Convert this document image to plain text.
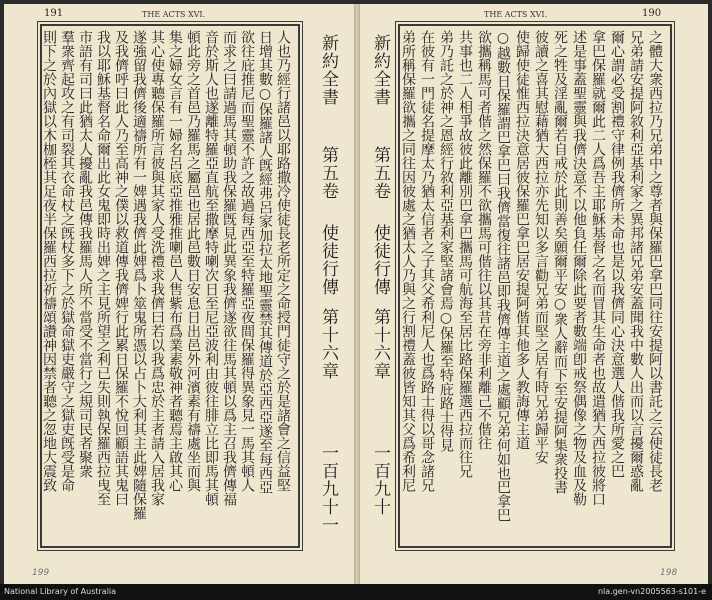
191	THE ACTS XVI.
人也乃經行諸邑以耶路撒冷使徒長老所定之命授門徒守之於是諸會之信益堅
日增其數○保羅諸人旣經弗呂家加拉太地聖靈禁其傳道於亞西亞遂至每西亞
欲往庇推尼而聖靈不許之故過每西亞至特羅亞夜間保羅得異象見一馬其頓人
而求之曰請過馬其頓助我保羅旣見此異象我儕遂欲往馬其頓以爲主召我儕傳福
音於斯人也遂離特羅亞直航至撒摩特喇次日至尼亞波利由彼往腓立比即馬其頓
頓此旁之首邑乃羅馬之屬邑也居此邑數日安息日出邑外河濱素有禱處坐而與
集之婦女言有一婦名呂底亞推雅推喇邑人售紫布爲業素敬神者聽焉主啟其心
其心使專聽保羅所言彼與其家人受洗禮求我儕曰若以我爲忠於主者請入居我家
遂強留我儕後適禱所有一婢遇我儕此婢爲卜筮鬼所憑以占卜大利其主此婢隨保羅
及我儕呼曰此人乃至高神之僕以救道傳我儕婢行此累日保羅不悅回顧語其鬼曰
我以耶穌基督名命爾出此女鬼即時出婢之主見所望之利已失則執保羅西拉曳至
市語有司曰此猶太人擾亂我邑傳我羅馬人所不當受不當行之規司民者聚衆
羣衆齊起攻之有司裂其衣命杖之旣杖多下之於獄命獄吏嚴守之獄吏旣受是命
則下之於內獄以木枷桎其足夜半保羅西拉祈禱頌讚神因禁者聽之忽地大震致	新約全書
第五卷
使徒行傳
第十六章
一百九十一
199
THE ACTS XVI.	190
新約全書
第五卷
使徒行傳
第十六章
一百九十	之體大衆西拉乃兄弟中之尊者與保羅巴拿巴同往安提阿以書託之云使徒長老
兄弟請安提阿敘利亞基利家之異邦諸兄弟安蓋聞我中數人出而以言擾爾惑亂
爾心謂必受割禮守律例我儕所未命也是以我儕同心決意選人偕我所愛之巴
拿巴保羅就爾此二人爲吾主耶穌基督之名而冒其生命者也故遣猶大西拉彼將口
述是事蓋聖靈與我儕決意不以他負任爾除此要者數端卽戒祭偶像之物及血及勒
死之牲及淫亂爾若自戒於此則善矣願爾平安○衆人辭而下至安提阿集衆投書
彼讀之喜其慰藉猶大西拉亦先知以多言勸兄弟而堅之居有時兄弟歸平安
使歸使徒惟西拉決意居彼保羅巴拿巴居安提阿偕其他多人教誨傳主道
○越數日保羅謂巴拿巴曰我儕當復往諸邑即我儕傳主道之處顧兄弟何如也巴拿巴
欲攜稱馬可者偕之然保羅不欲攜馬可偕往以其昔在旁非利離己不偕往
共事也二人相爭故彼此離別巴拿巴攜馬可航海至居比路保羅選西拉而往兄
弟乃託之於神之恩經行敘利亞基利家堅諸會焉○保羅至特庇路士得見
在彼有一門徒名提摩太乃猶太信者之子其父希利尼人也爲路士得以哥念諸兄
弟所稱保羅欲攜之同往因彼處之猶太人乃與之行割禮蓋彼皆知其父爲希利尼
198
National Library of Australia	nla.gen-vn2005563-s101-e
